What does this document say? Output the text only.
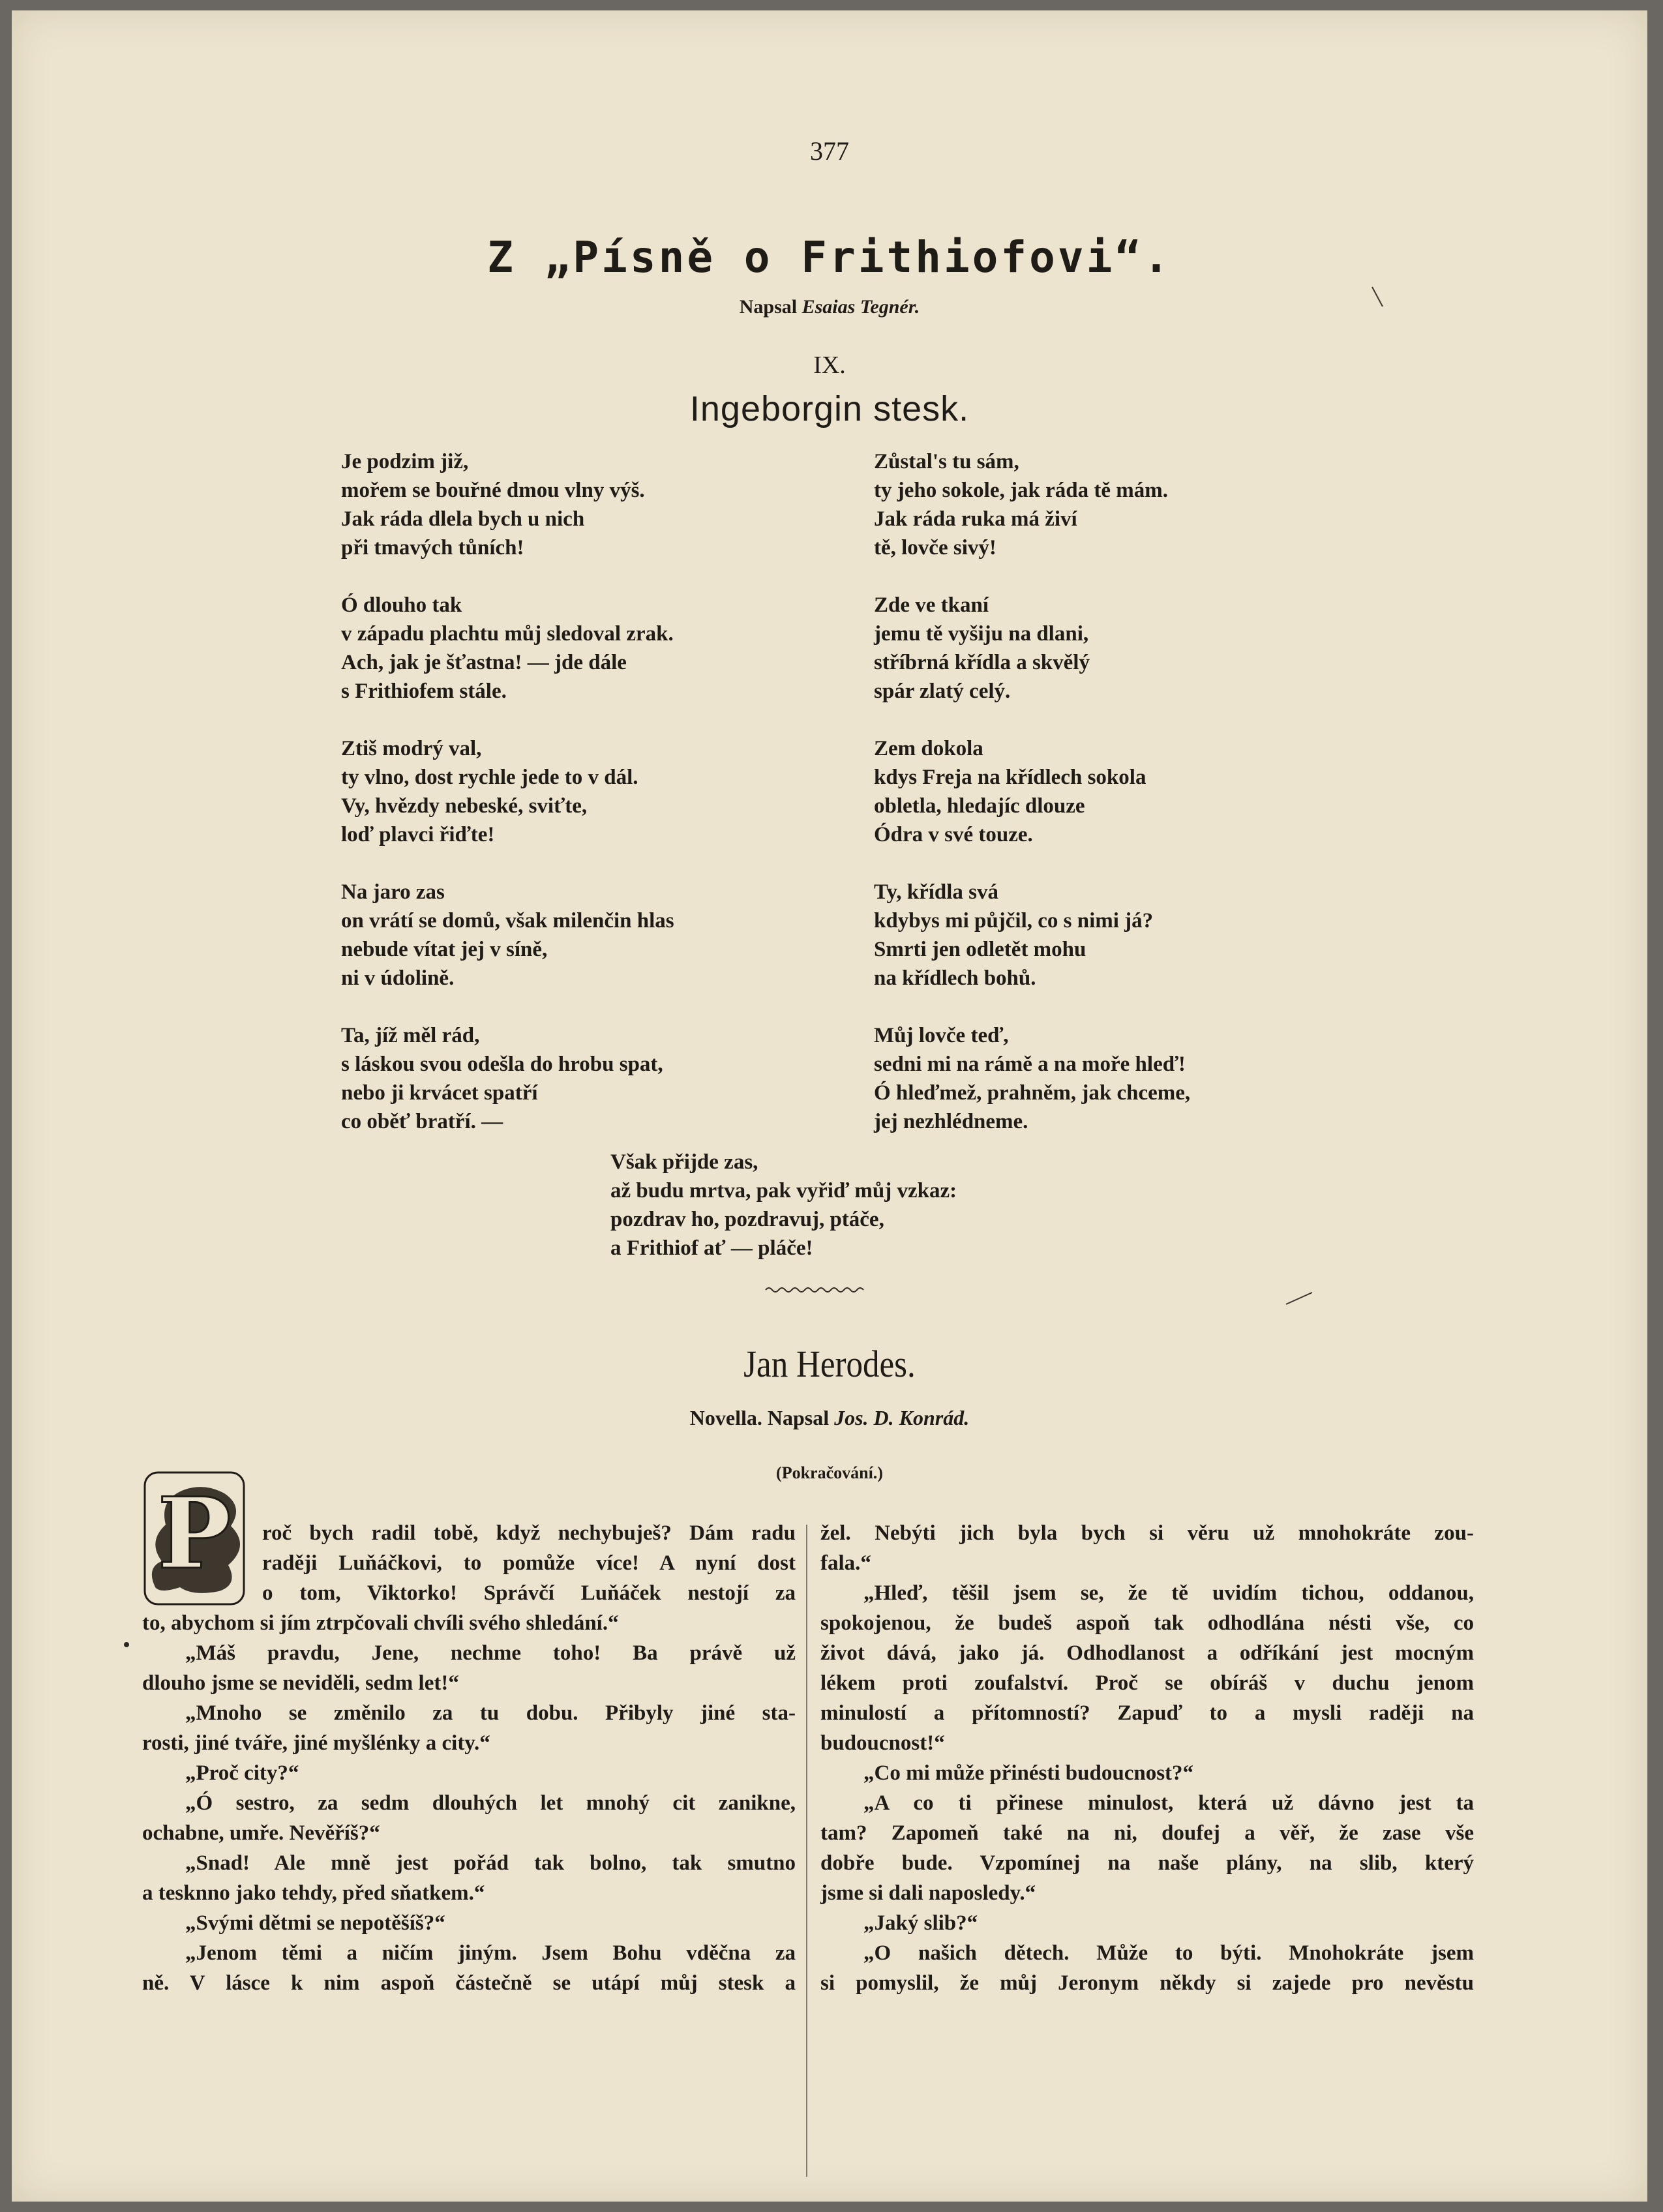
377
Z „Písně o Frithiofovi“.
Napsal Esaias Tegnér.
IX.
Ingeborgin stesk.
Je podzim již,
mořem se bouřné dmou vlny výš.
Jak ráda dlela bych u nich
při tmavých tůních!
Ó dlouho tak
v západu plachtu můj sledoval zrak.
Ach, jak je šťastna! — jde dále
s Frithiofem stále.
Ztiš modrý val,
ty vlno, dost rychle jede to v dál.
Vy, hvězdy nebeské, sviťte,
loď plavci řiďte!
Na jaro zas
on vrátí se domů, však milenčin hlas
nebude vítat jej v síně,
ni v údolině.
Ta, jíž měl rád,
s láskou svou odešla do hrobu spat,
nebo ji krvácet spatří
co oběť bratří. —
Zůstal's tu sám,
ty jeho sokole, jak ráda tě mám.
Jak ráda ruka má živí
tě, lovče sivý!
Zde ve tkaní
jemu tě vyšiju na dlani,
stříbrná křídla a skvělý
spár zlatý celý.
Zem dokola
kdys Freja na křídlech sokola
obletla, hledajíc dlouze
Ódra v své touze.
Ty, křídla svá
kdybys mi půjčil, co s nimi já?
Smrti jen odletět mohu
na křídlech bohů.
Můj lovče teď,
sedni mi na rámě a na moře hleď!
Ó hleďmež, prahněm, jak chceme,
jej nezhlédneme.
Však přijde zas,
až budu mrtva, pak vyřiď můj vzkaz:
pozdrav ho, pozdravuj, ptáče,
a Frithiof ať — pláče!
Jan Herodes.
Novella. Napsal Jos. D. Konrád.
(Pokračování.)
P	roč bych radil tobě, když nechybuješ? Dám radu
raději Luňáčkovi, to pomůže více! A nyní dost
o tom, Viktorko! Správčí Luňáček nestojí za
to, abychom si jím ztrpčovali chvíli svého shledání.“
„Máš pravdu, Jene, nechme toho! Ba právě už
dlouho jsme se neviděli, sedm let!“
„Mnoho se změnilo za tu dobu. Přibyly jiné sta-
rosti, jiné tváře, jiné myšlénky a city.“
„Proč city?“
„Ó sestro, za sedm dlouhých let mnohý cit zanikne,
ochabne, umře. Nevěříš?“
„Snad! Ale mně jest pořád tak bolno, tak smutno
a tesknno jako tehdy, před sňatkem.“
„Svými dětmi se nepotěšíš?“
„Jenom těmi a ničím jiným. Jsem Bohu vděčna za
ně. V lásce k nim aspoň částečně se utápí můj stesk a
žel. Nebýti jich byla bych si věru už mnohokráte zou-
fala.“
„Hleď, těšil jsem se, že tě uvidím tichou, oddanou,
spokojenou, že budeš aspoň tak odhodlána nésti vše, co
život dává, jako já. Odhodlanost a odříkání jest mocným
lékem proti zoufalství. Proč se obíráš v duchu jenom
minulostí a přítomností? Zapuď to a mysli raději na
budoucnost!“
„Co mi může přinésti budoucnost?“
„A co ti přinese minulost, která už dávno jest ta
tam? Zapomeň také na ni, doufej a věř, že zase vše
dobře bude. Vzpomínej na naše plány, na slib, který
jsme si dali naposledy.“
„Jaký slib?“
„O našich dětech. Může to býti. Mnohokráte jsem
si pomyslil, že můj Jeronym někdy si zajede pro nevěstu
